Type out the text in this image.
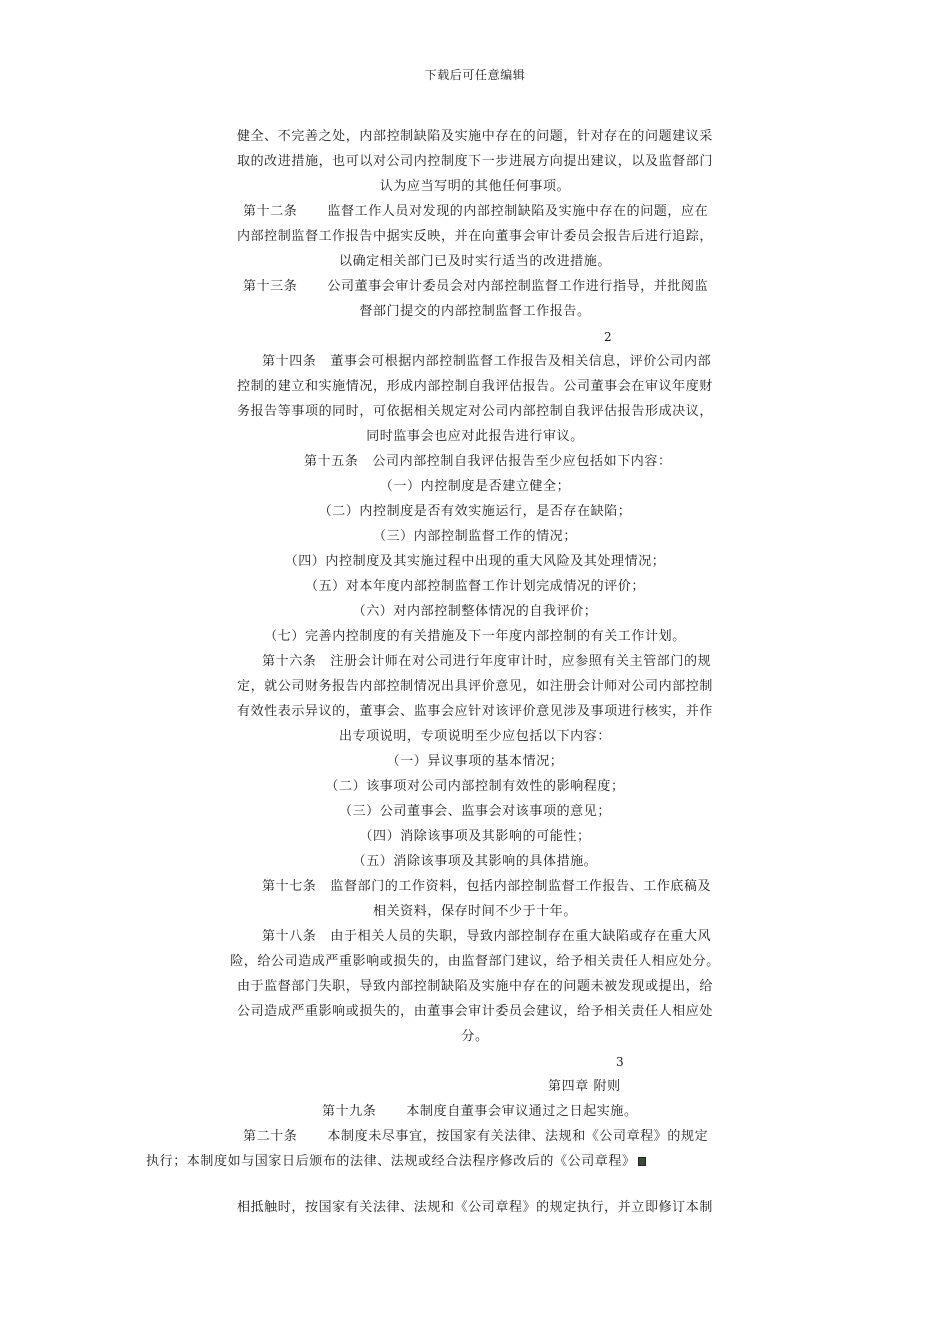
下载后可任意编辑
健全、不完善之处，内部控制缺陷及实施中存在的问题，针对存在的问题建议采
取的改进措施，也可以对公司内控制度下一步进展方向提出建议，以及监督部门
认为应当写明的其他任何事项。
第十二条 监督工作人员对发现的内部控制缺陷及实施中存在的问题，应在
内部控制监督工作报告中据实反映，并在向董事会审计委员会报告后进行追踪，
以确定相关部门已及时实行适当的改进措施。
第十三条 公司董事会审计委员会对内部控制监督工作进行指导，并批阅监
督部门提交的内部控制监督工作报告。
2
第十四条 董事会可根据内部控制监督工作报告及相关信息，评价公司内部
控制的建立和实施情况，形成内部控制自我评估报告。公司董事会在审议年度财
务报告等事项的同时，可依据相关规定对公司内部控制自我评估报告形成决议，
同时监事会也应对此报告进行审议。
第十五条 公司内部控制自我评估报告至少应包括如下内容：
（一）内控制度是否建立健全；
（二）内控制度是否有效实施运行，是否存在缺陷；
（三）内部控制监督工作的情况；
（四）内控制度及其实施过程中出现的重大风险及其处理情况；
（五）对本年度内部控制监督工作计划完成情况的评价；
（六）对内部控制整体情况的自我评价；
（七）完善内控制度的有关措施及下一年度内部控制的有关工作计划。
第十六条 注册会计师在对公司进行年度审计时，应参照有关主管部门的规
定，就公司财务报告内部控制情况出具评价意见，如注册会计师对公司内部控制
有效性表示异议的，董事会、监事会应针对该评价意见涉及事项进行核实，并作
出专项说明，专项说明至少应包括以下内容：
（一）异议事项的基本情况；
（二）该事项对公司内部控制有效性的影响程度；
（三）公司董事会、监事会对该事项的意见；
（四）消除该事项及其影响的可能性；
（五）消除该事项及其影响的具体措施。
第十七条 监督部门的工作资料，包括内部控制监督工作报告、工作底稿及
相关资料，保存时间不少于十年。
第十八条 由于相关人员的失职，导致内部控制存在重大缺陷或存在重大风
险，给公司造成严重影响或损失的，由监督部门建议，给予相关责任人相应处分。
由于监督部门失职，导致内部控制缺陷及实施中存在的问题未被发现或提出，给
公司造成严重影响或损失的，由董事会审计委员会建议，给予相关责任人相应处
分。
3
第四章 附则
第十九条 本制度自董事会审议通过之日起实施。
第二十条 本制度未尽事宜，按国家有关法律、法规和《公司章程》的规定
执行；本制度如与国家日后颁布的法律、法规或经合法程序修改后的《公司章程》
相抵触时，按国家有关法律、法规和《公司章程》的规定执行，并立即修订本制
